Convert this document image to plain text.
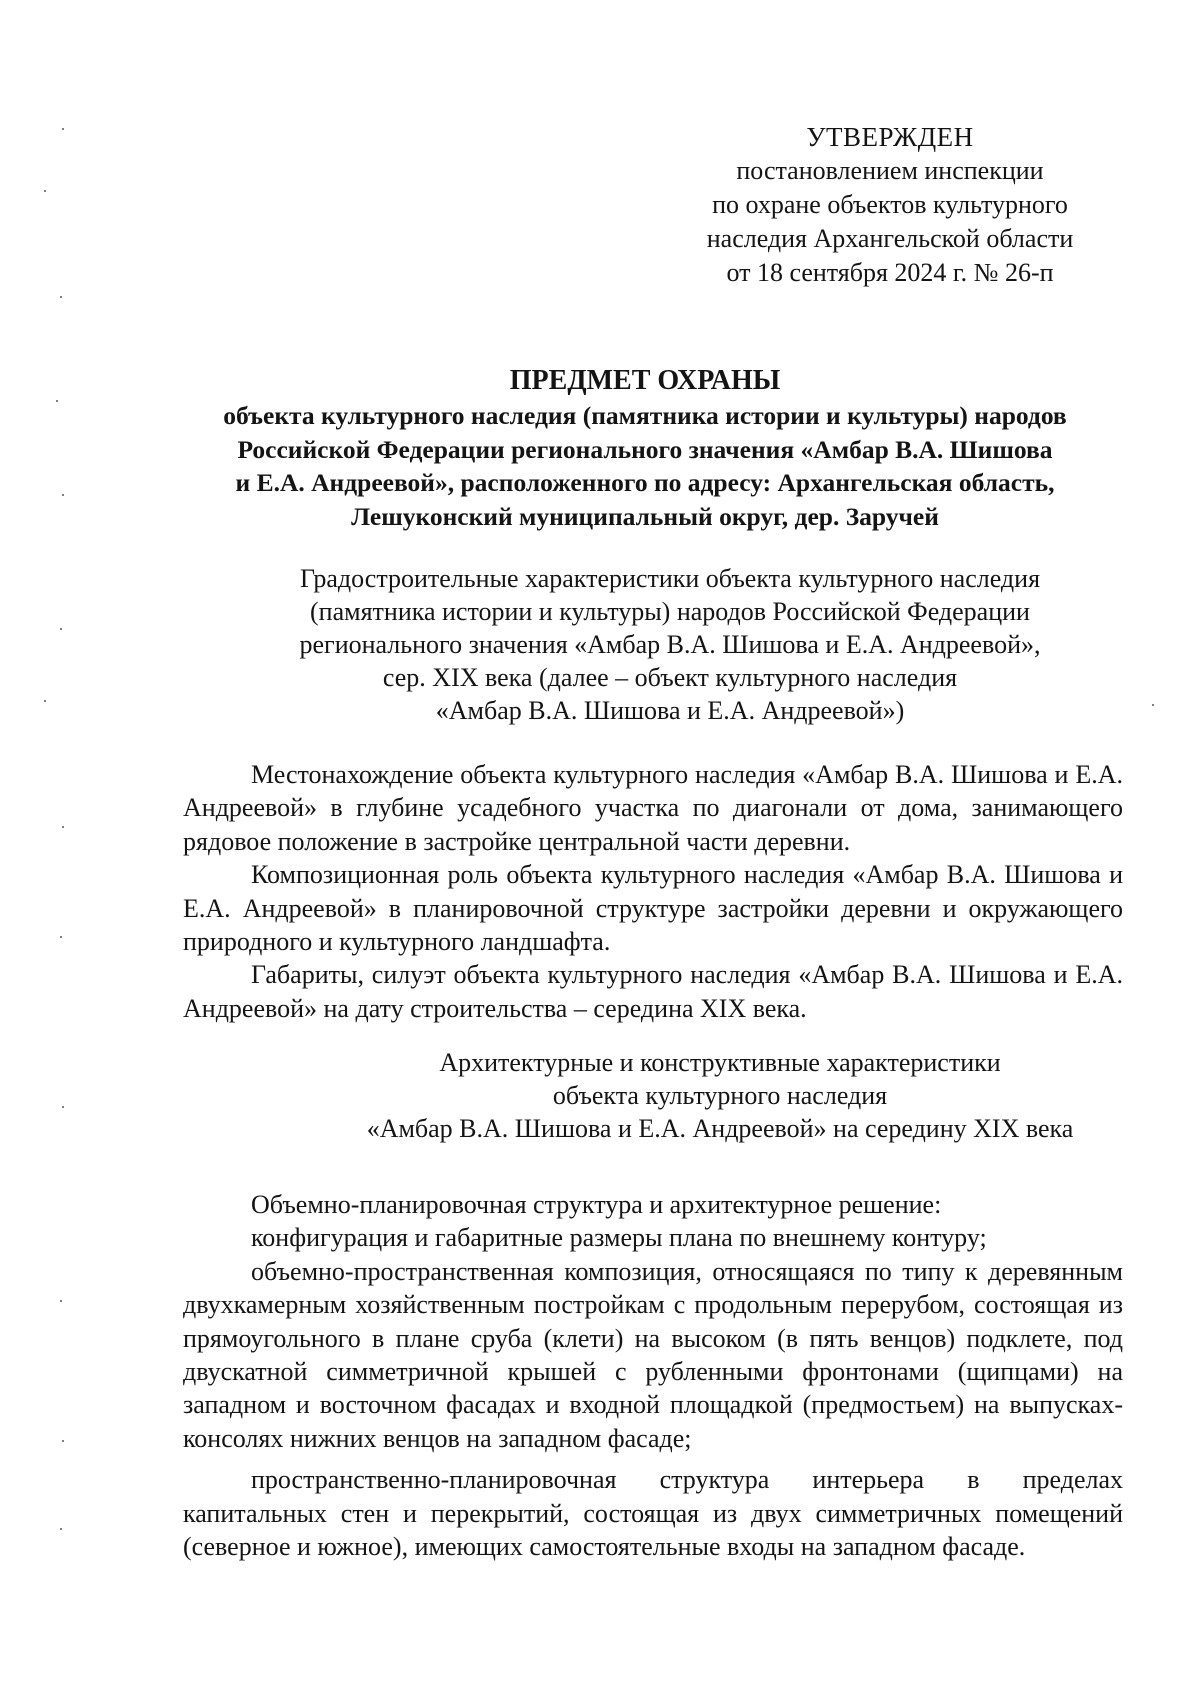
УТВЕРЖДЕН
постановлением инспекции
по охране объектов культурного
наследия Архангельской области
от 18 сентября 2024 г. № 26-п
ПРЕДМЕТ ОХРАНЫ
объекта культурного наследия (памятника истории и культуры) народов
Российской Федерации регионального значения «Амбар В.А. Шишова
и Е.А. Андреевой», расположенного по адресу: Архангельская область,
Лешуконский муниципальный округ, дер. Заручей
Градостроительные характеристики объекта культурного наследия
(памятника истории и культуры) народов Российской Федерации
регионального значения «Амбар В.А. Шишова и Е.А. Андреевой»,
сер. XIX века (далее – объект культурного наследия
«Амбар В.А. Шишова и Е.А. Андреевой»)

Местонахождение объекта культурного наследия «Амбар В.А. Шишова и Е.А. Андреевой» в глубине усадебного участка по диагонали от дома, занимающего рядовое положение в застройке центральной части деревни.

Композиционная роль объекта культурного наследия «Амбар В.А. Шишова и Е.А. Андреевой» в планировочной структуре застройки деревни и окружающего природного и культурного ландшафта.

Габариты, силуэт объекта культурного наследия «Амбар В.А. Шишова и Е.А. Андреевой» на дату строительства – середина XIX века.

Архитектурные и конструктивные характеристики
объекта культурного наследия
«Амбар В.А. Шишова и Е.А. Андреевой» на середину XIX века

Объемно-планировочная структура и архитектурное решение:

конфигурация и габаритные размеры плана по внешнему контуру;

объемно-пространственная композиция, относящаяся по типу к деревянным двухкамерным хозяйственным постройкам с продольным перерубом, состоящая из прямоугольного в плане сруба (клети) на высоком (в пять венцов) подклете, под двускатной симметричной крышей с рубленными фронтонами (щипцами) на западном и восточном фасадах и входной площадкой (предмостьем) на выпусках-консолях нижних венцов на западном фасаде;

пространственно-планировочная структура интерьера в пределах капитальных стен и перекрытий, состоящая из двух симметричных помещений (северное и южное), имеющих самостоятельные входы на западном фасаде.
